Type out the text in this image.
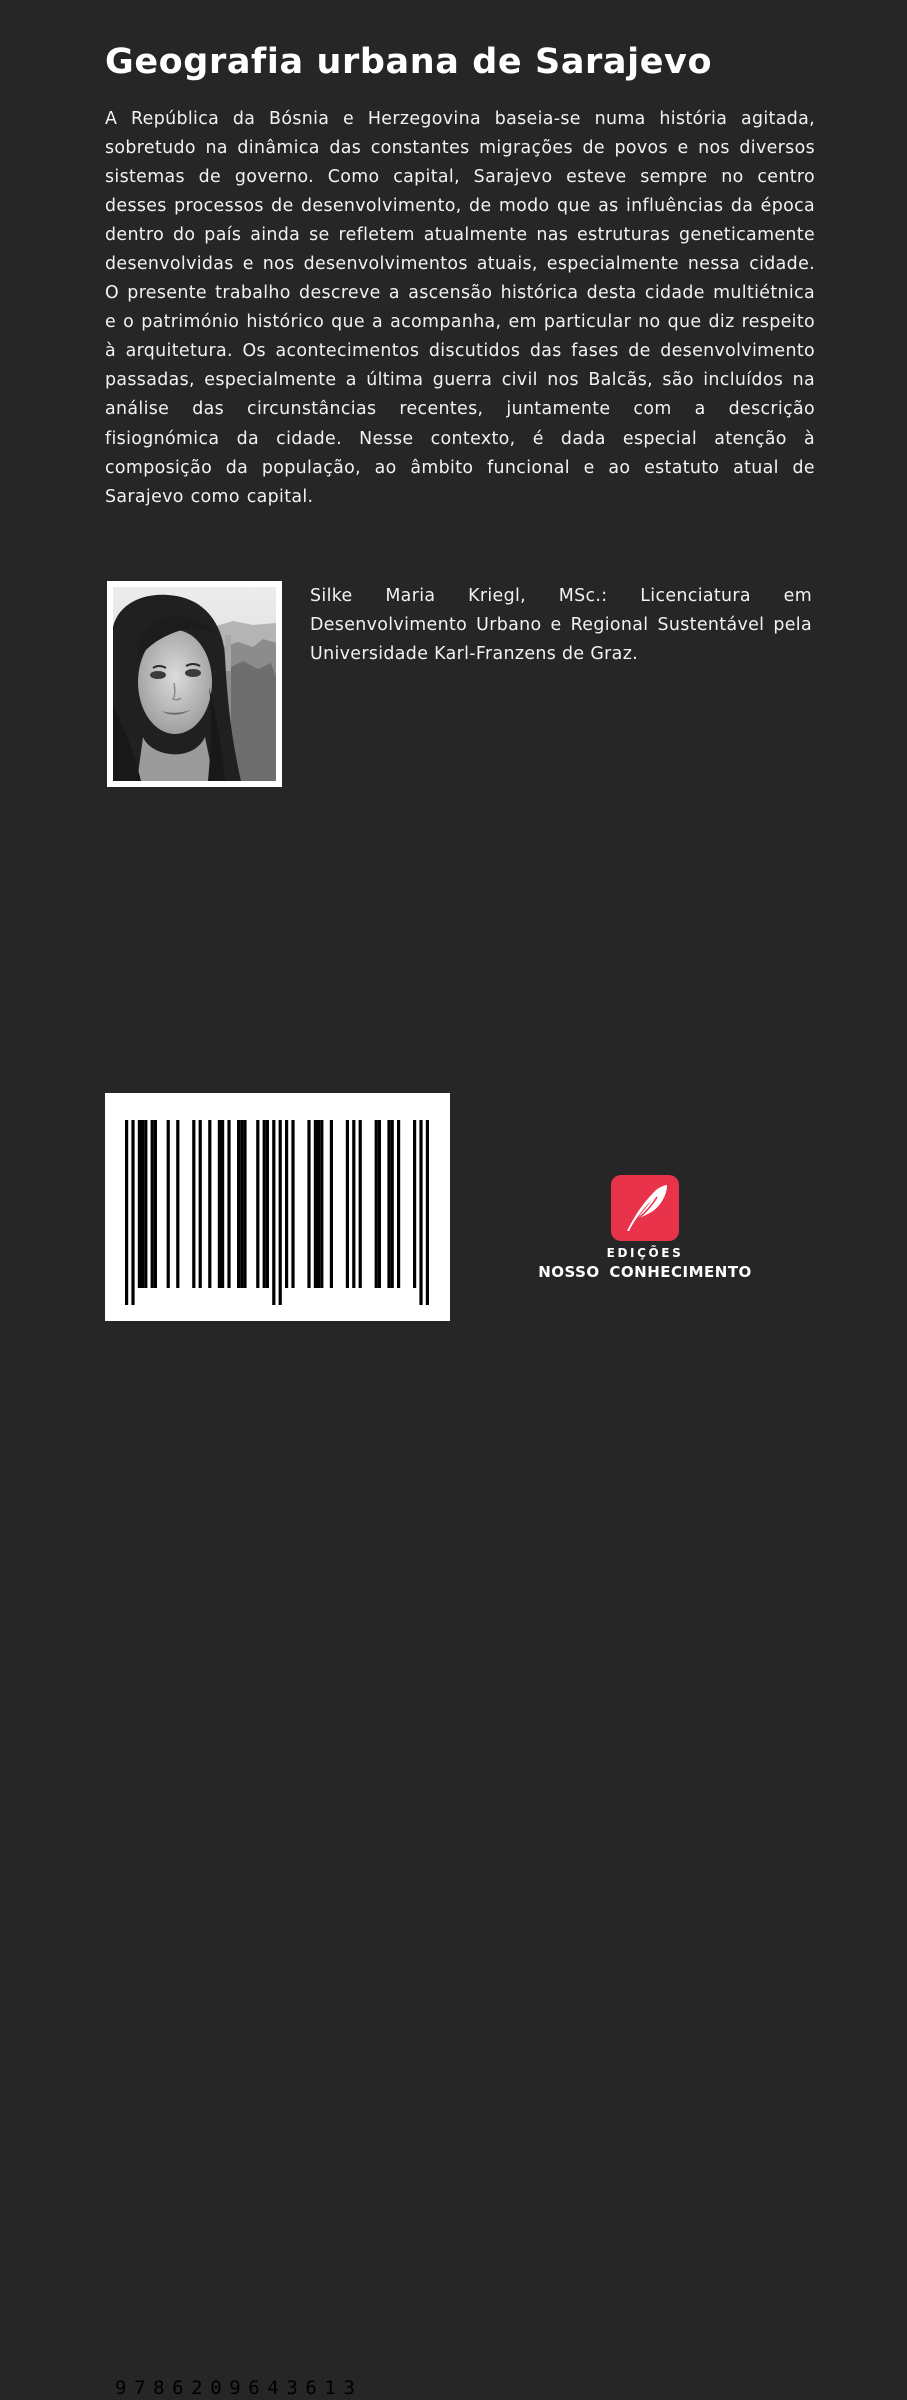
Geografia urbana de Sarajevo

A República da Bósnia e Herzegovina baseia-se numa história agitada, sobretudo na dinâmica das constantes migrações de povos e nos diversos sistemas de governo. Como capital, Sarajevo esteve sempre no centro desses processos de desenvolvimento, de modo que as influências da época dentro do país ainda se refletem atualmente nas estruturas geneticamente desenvolvidas e nos desenvolvimentos atuais, especialmente nessa cidade. O presente trabalho descreve a ascensão histórica desta cidade multiétnica e o património histórico que a acompanha, em particular no que diz respeito à arquitetura. Os acontecimentos discutidos das fases de desenvolvimento passadas, especialmente a última guerra civil nos Balcãs, são incluídos na análise das circunstâncias recentes, juntamente com a descrição fisiognómica da cidade. Nesse contexto, é dada especial atenção à composição da população, ao âmbito funcional e ao estatuto atual de Sarajevo como capital.

Silke Maria Kriegl, MSc.: Licenciatura em Desenvolvimento Urbano e Regional Sustentável pela Universidade Karl-Franzens de Graz.

9786209643613
EDIÇÕES
NOSSO CONHECIMENTO
